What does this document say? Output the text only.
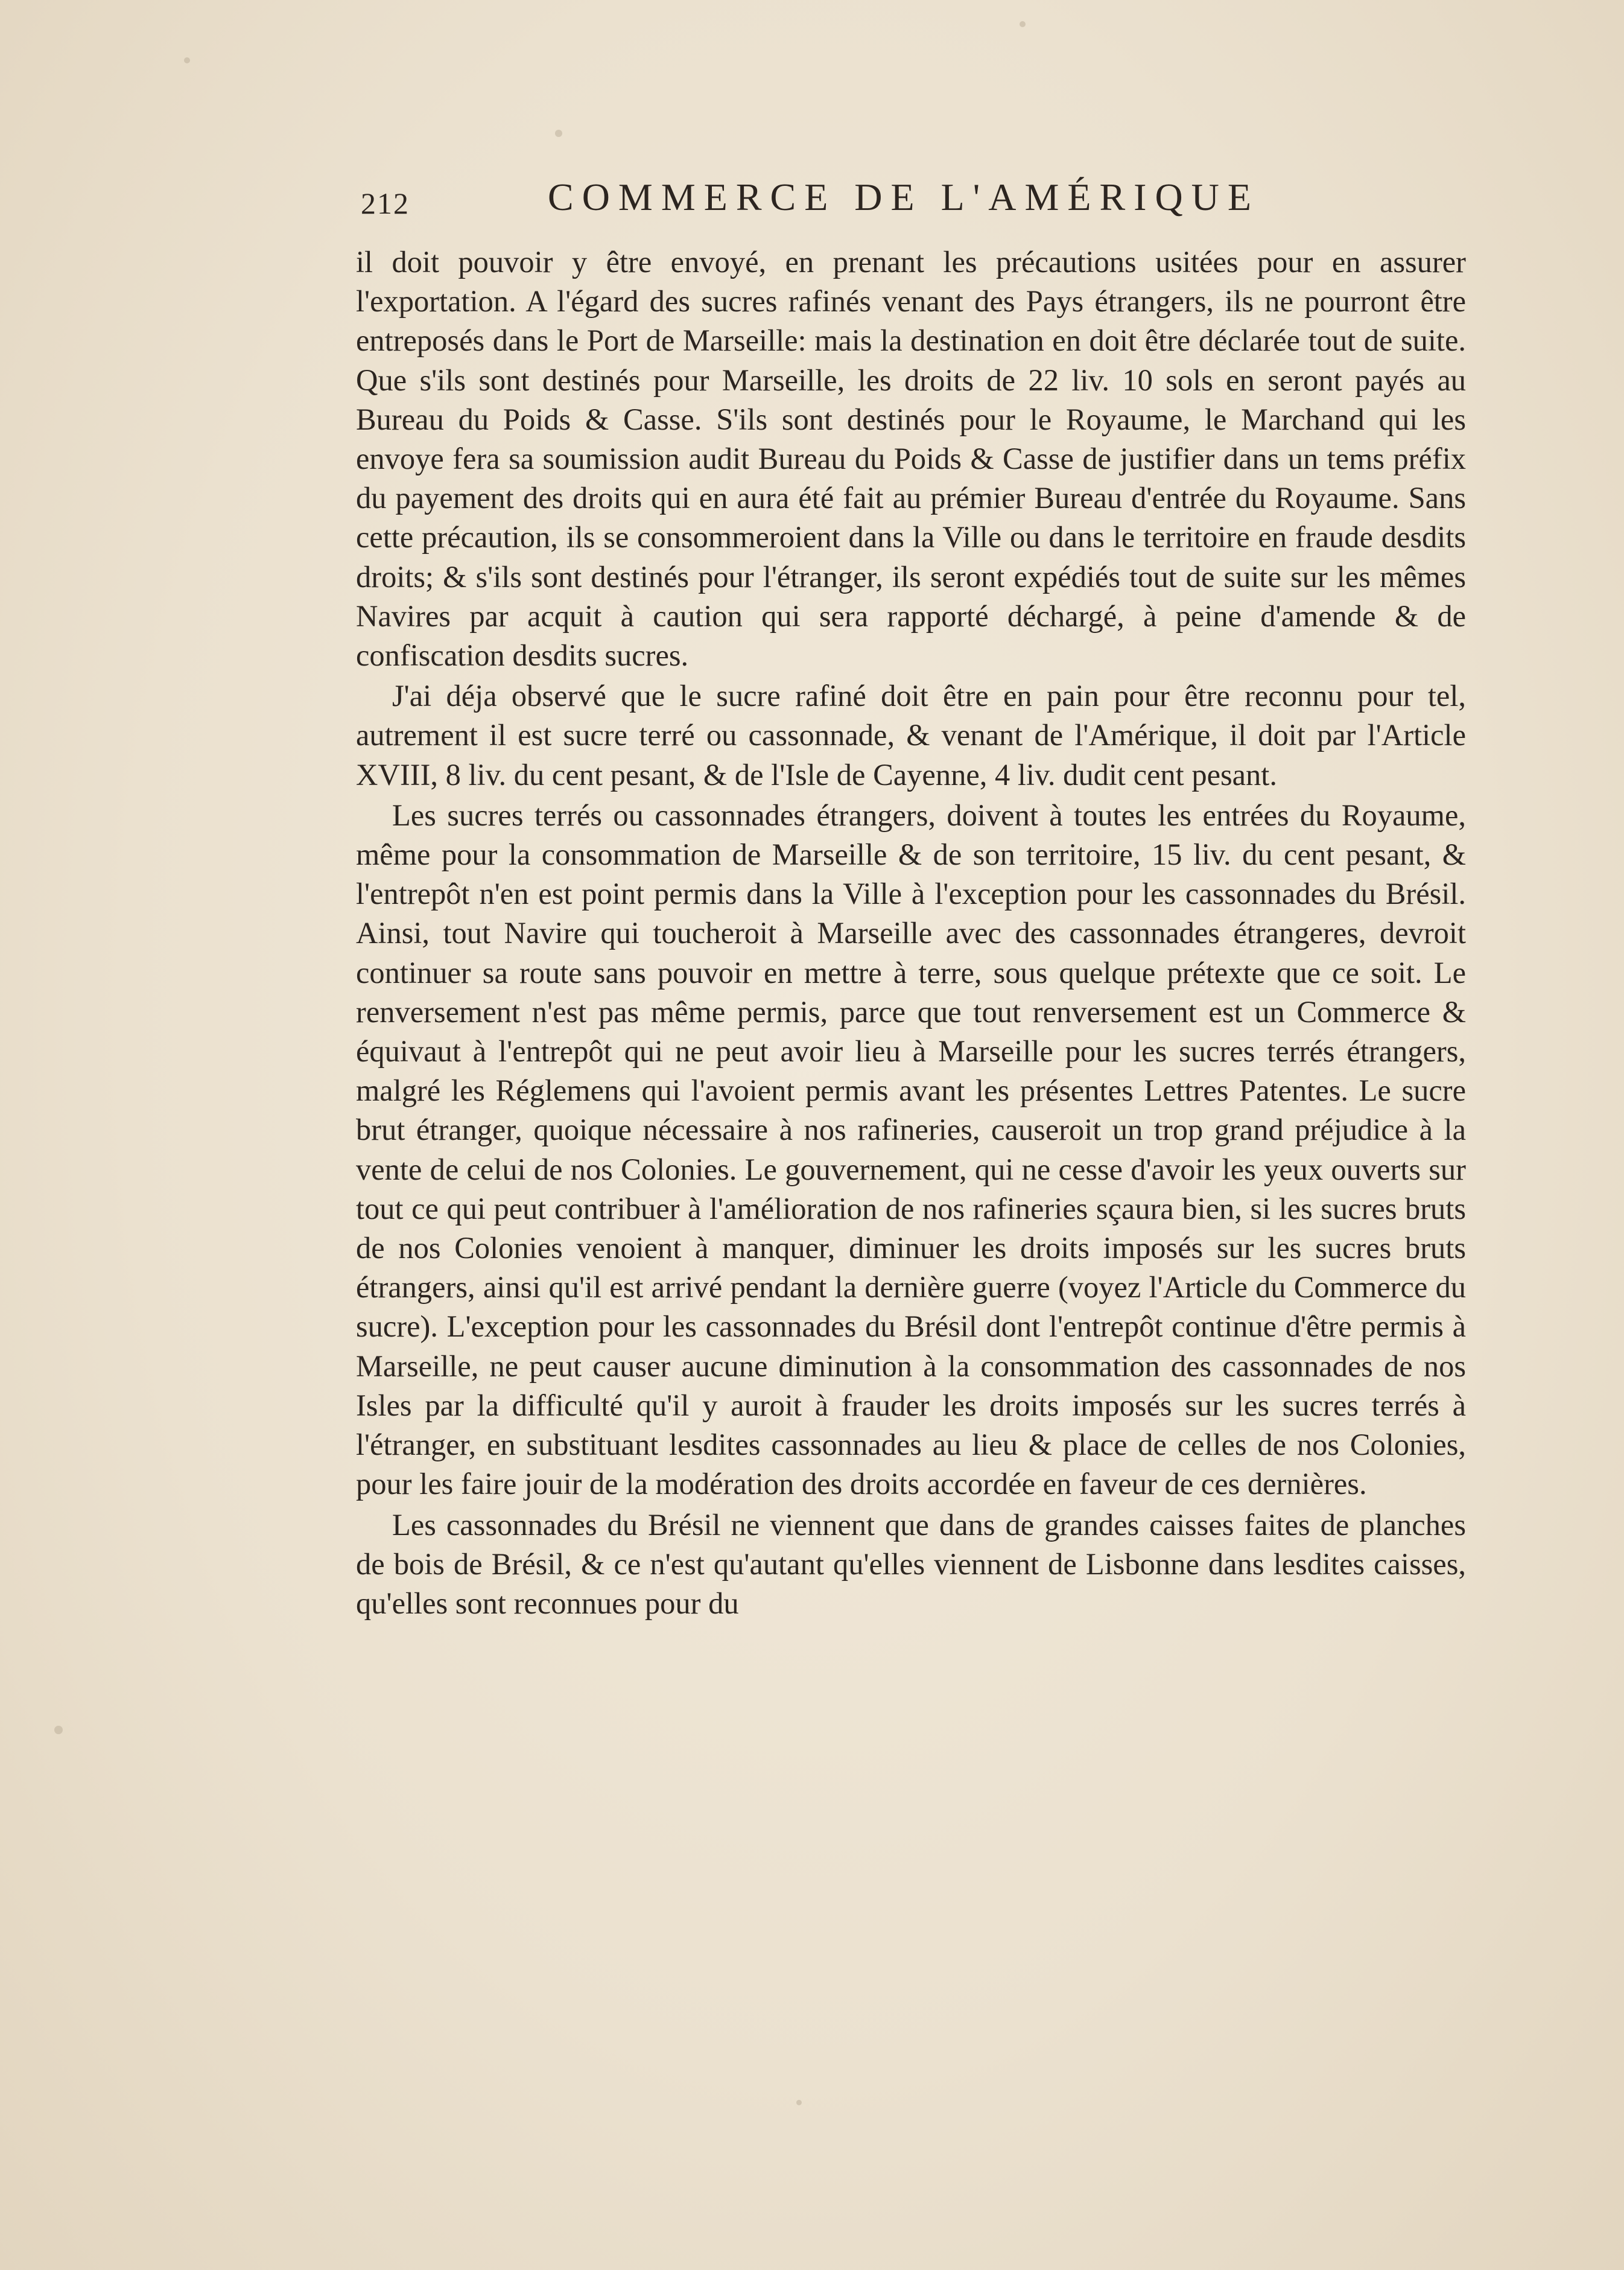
212	COMMERCE DE L'AMÉRIQUE

il doit pouvoir y être envoyé, en prenant les précautions usitées pour en assurer l'exportation. A l'égard des sucres rafinés venant des Pays étrangers, ils ne pourront être entreposés dans le Port de Marseille: mais la destination en doit être déclarée tout de suite. Que s'ils sont destinés pour Marseille, les droits de 22 liv. 10 sols en seront payés au Bureau du Poids & Casse. S'ils sont destinés pour le Royaume, le Marchand qui les envoye fera sa soumission audit Bureau du Poids & Casse de justifier dans un tems préfix du payement des droits qui en aura été fait au prémier Bureau d'entrée du Royaume. Sans cette précaution, ils se consommeroient dans la Ville ou dans le territoire en fraude desdits droits; & s'ils sont destinés pour l'étranger, ils seront expédiés tout de suite sur les mêmes Navires par acquit à caution qui sera rapporté déchargé, à peine d'amende & de confiscation desdits sucres.

J'ai déja observé que le sucre rafiné doit être en pain pour être reconnu pour tel, autrement il est sucre terré ou cassonnade, & venant de l'Amérique, il doit par l'Article XVIII, 8 liv. du cent pesant, & de l'Isle de Cayenne, 4 liv. dudit cent pesant.

Les sucres terrés ou cassonnades étrangers, doivent à toutes les entrées du Royaume, même pour la consommation de Marseille & de son territoire, 15 liv. du cent pesant, & l'entrepôt n'en est point permis dans la Ville à l'exception pour les cassonnades du Brésil. Ainsi, tout Navire qui toucheroit à Marseille avec des cassonnades étrangeres, devroit continuer sa route sans pouvoir en mettre à terre, sous quelque prétexte que ce soit. Le renversement n'est pas même permis, parce que tout renversement est un Commerce & équivaut à l'entrepôt qui ne peut avoir lieu à Marseille pour les sucres terrés étrangers, malgré les Réglemens qui l'avoient permis avant les présentes Lettres Patentes. Le sucre brut étranger, quoique nécessaire à nos rafineries, causeroit un trop grand préjudice à la vente de celui de nos Colonies. Le gouvernement, qui ne cesse d'avoir les yeux ouverts sur tout ce qui peut contribuer à l'amélioration de nos rafineries sçaura bien, si les sucres bruts de nos Colonies venoient à manquer, diminuer les droits imposés sur les sucres bruts étrangers, ainsi qu'il est arrivé pendant la dernière guerre (voyez l'Article du Commerce du sucre). L'exception pour les cassonnades du Brésil dont l'entrepôt continue d'être permis à Marseille, ne peut causer aucune diminution à la consommation des cassonnades de nos Isles par la difficulté qu'il y auroit à frauder les droits imposés sur les sucres terrés à l'étranger, en substituant lesdites cassonnades au lieu & place de celles de nos Colonies, pour les faire jouir de la modération des droits accordée en faveur de ces dernières.

Les cassonnades du Brésil ne viennent que dans de grandes caisses faites de planches de bois de Brésil, & ce n'est qu'autant qu'elles viennent de Lisbonne dans lesdites caisses, qu'elles sont reconnues pour du
